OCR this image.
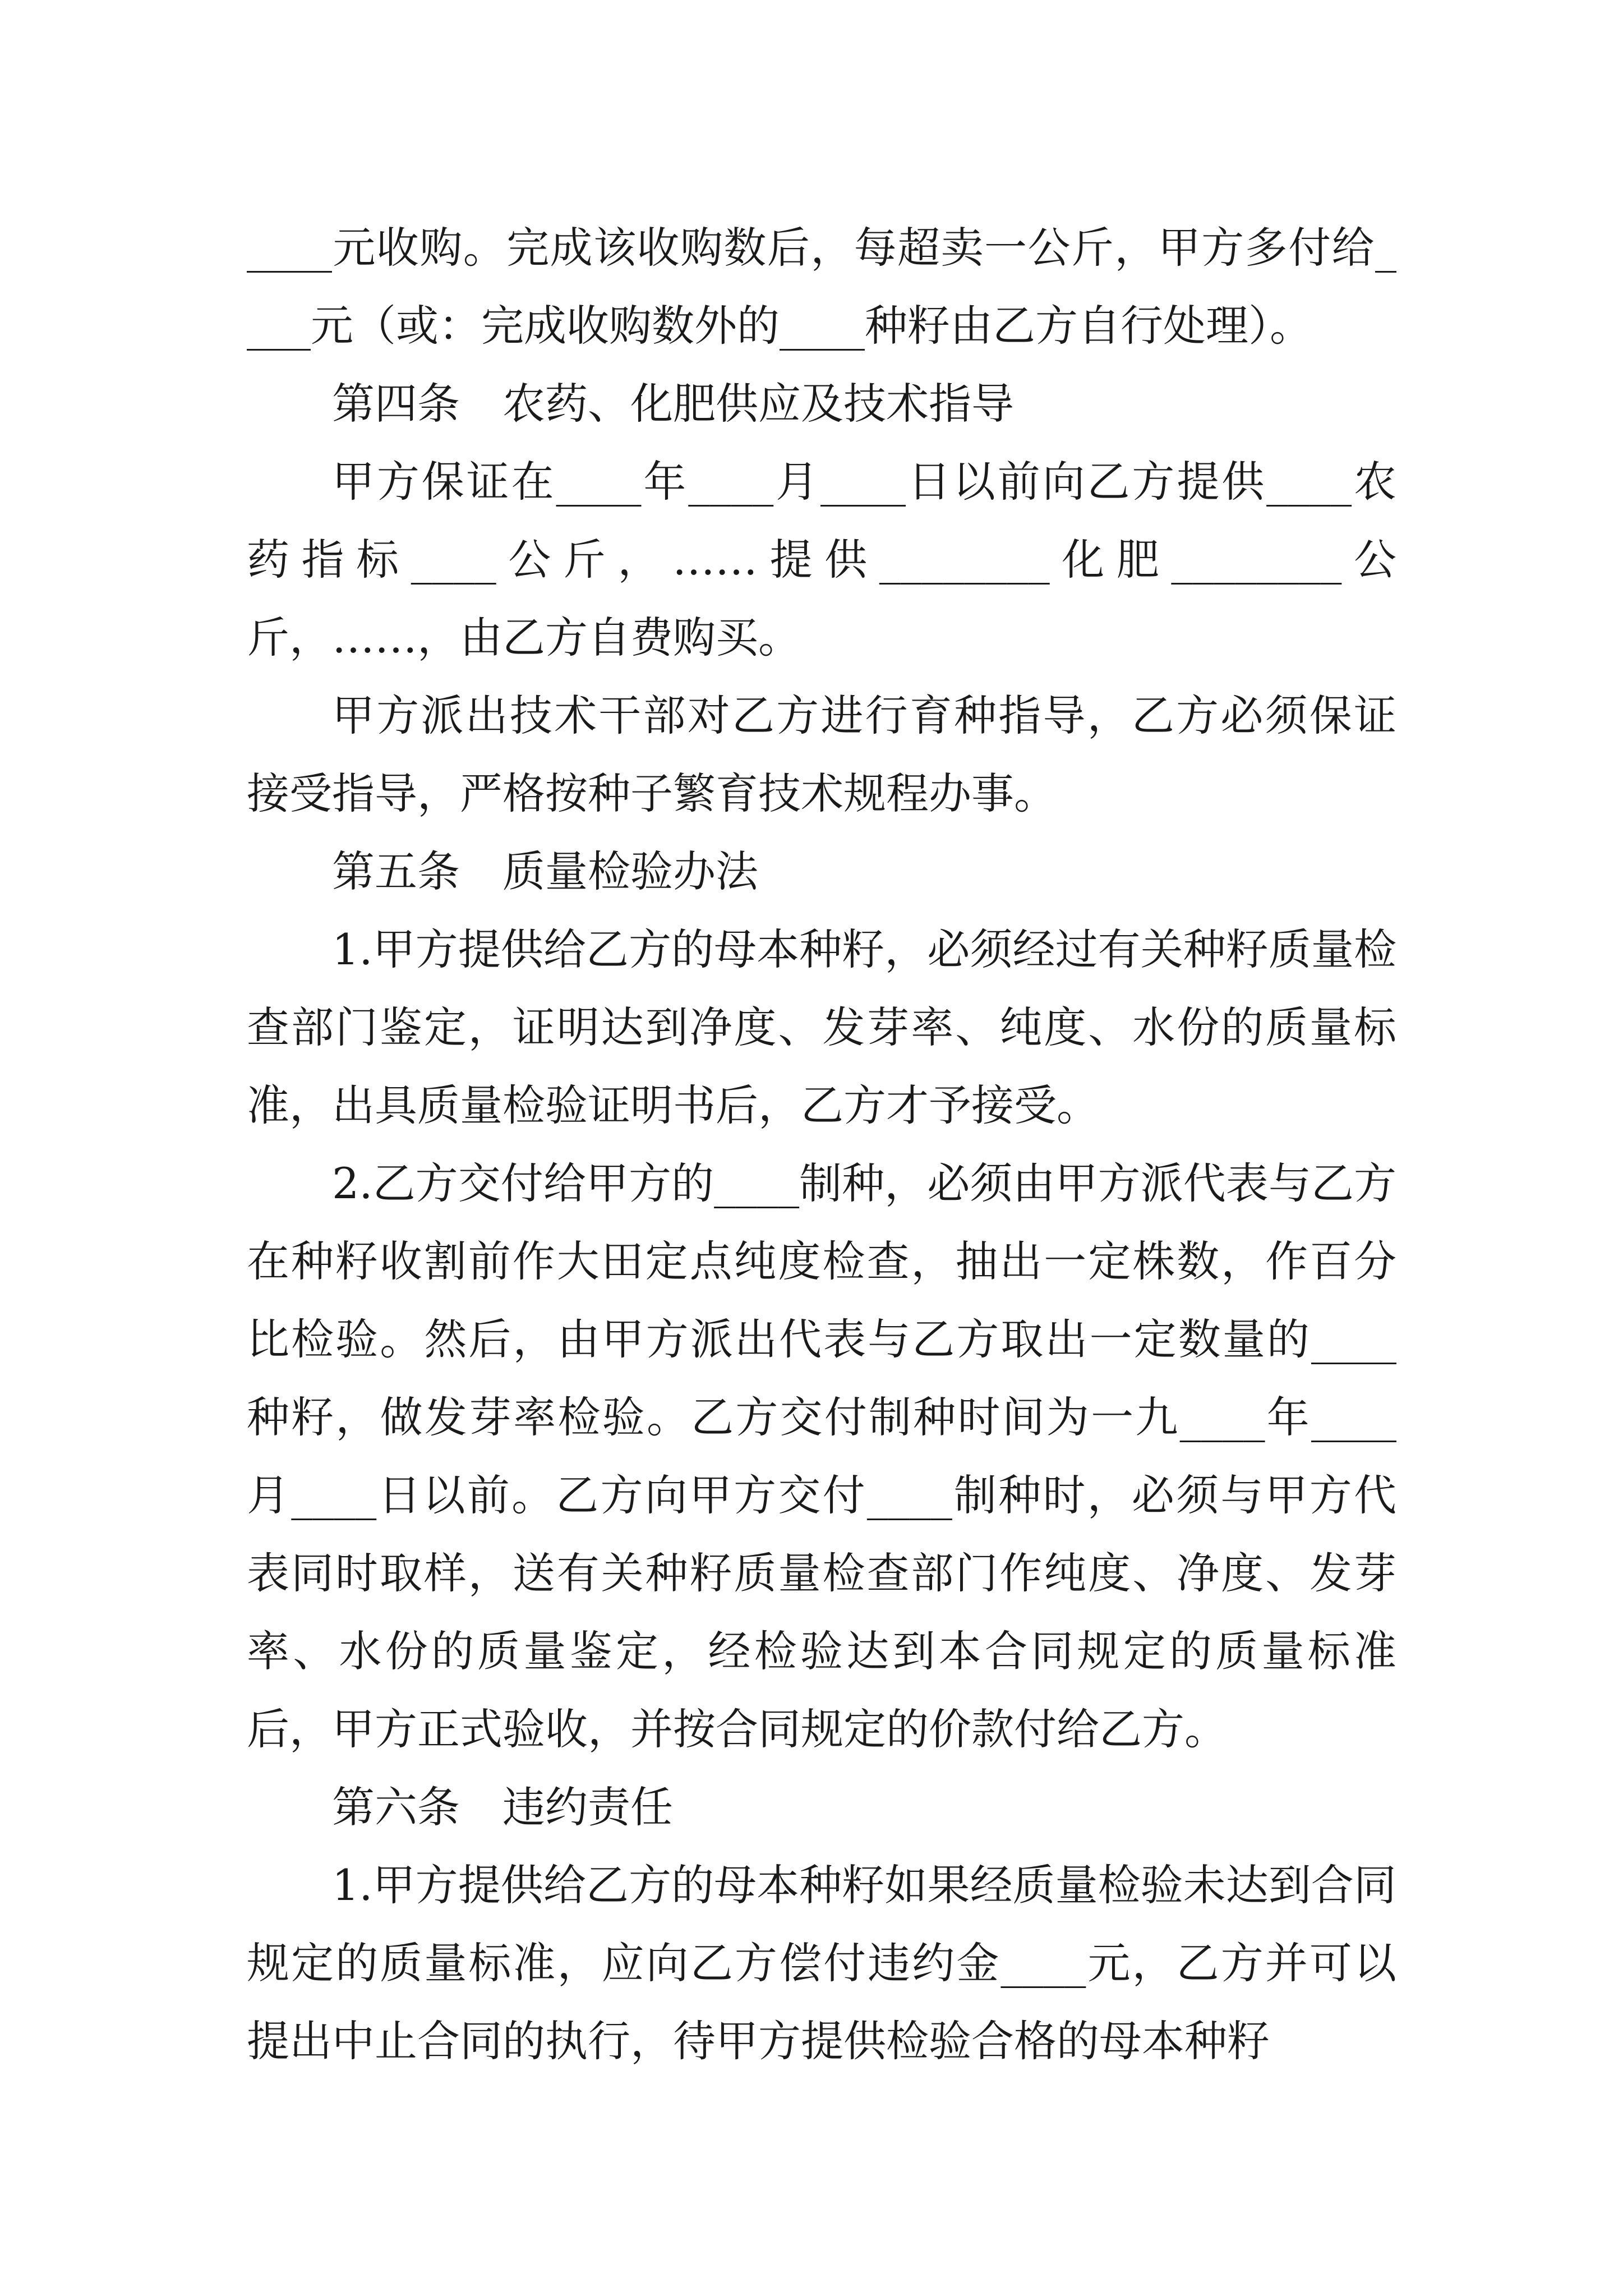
____元收购。完成该收购数后，每超卖一公斤，甲方多付给____元（或：完成收购数外的____种籽由乙方自行处理）。

第四条　农药、化肥供应及技术指导

甲方保证在____年____月____日以前向乙方提供____农药指标____公斤，……提供________化肥________公斤，……，由乙方自费购买。

甲方派出技术干部对乙方进行育种指导，乙方必须保证接受指导，严格按种子繁育技术规程办事。

第五条　质量检验办法

1.甲方提供给乙方的母本种籽，必须经过有关种籽质量检查部门鉴定，证明达到净度、发芽率、纯度、水份的质量标准，出具质量检验证明书后，乙方才予接受。

2.乙方交付给甲方的____制种，必须由甲方派代表与乙方在种籽收割前作大田定点纯度检查，抽出一定株数，作百分比检验。然后，由甲方派出代表与乙方取出一定数量的____种籽，做发芽率检验。乙方交付制种时间为一九____年____月____日以前。乙方向甲方交付____制种时，必须与甲方代表同时取样，送有关种籽质量检查部门作纯度、净度、发芽率、水份的质量鉴定，经检验达到本合同规定的质量标准后，甲方正式验收，并按合同规定的价款付给乙方。

第六条　违约责任

1.甲方提供给乙方的母本种籽如果经质量检验未达到合同规定的质量标准，应向乙方偿付违约金____元，乙方并可以提出中止合同的执行，待甲方提供检验合格的母本种籽
